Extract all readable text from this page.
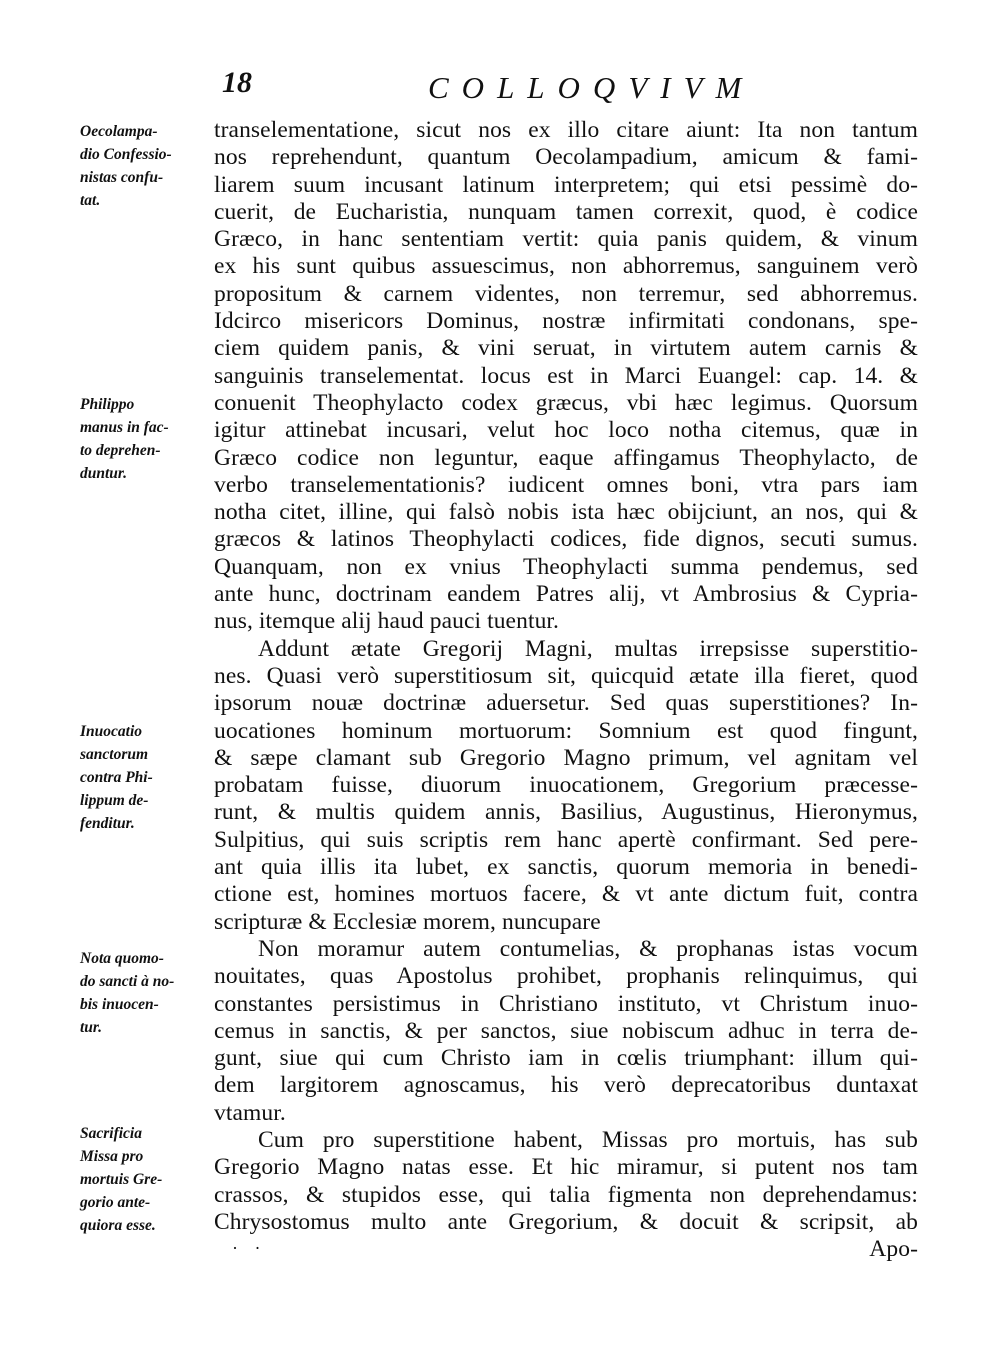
18	COLLOQVIVM
transelementatione, sicut nos ex illo citare aiunt: Ita non tantum
nos reprehendunt, quantum Oecolampadium, amicum & fami-
liarem suum incusant latinum interpretem; qui etsi pessimè do-
cuerit, de Eucharistia, nunquam tamen correxit, quod, è codice
Græco, in hanc sententiam vertit: quia panis quidem, & vinum
ex his sunt quibus assuescimus, non abhorremus, sanguinem verò
propositum & carnem videntes, non terremur, sed abhorremus.
Idcirco misericors Dominus, nostræ infirmitati condonans, spe-
ciem quidem panis, & vini seruat, in virtutem autem carnis &
sanguinis transelementat. locus est in Marci Euangel: cap. 14. &
conuenit Theophylacto codex græcus, vbi hæc legimus. Quorsum
igitur attinebat incusari, velut hoc loco notha citemus, quæ in
Græco codice non leguntur, eaque affingamus Theophylacto, de
verbo transelementationis? iudicent omnes boni, vtra pars iam
notha citet, illine, qui falsò nobis ista hæc obijciunt, an nos, qui &
græcos & latinos Theophylacti codices, fide dignos, secuti sumus.
Quanquam, non ex vnius Theophylacti summa pendemus, sed
ante hunc, doctrinam eandem Patres alij, vt Ambrosius & Cypria-
nus, itemque alij haud pauci tuentur.
Addunt ætate Gregorij Magni, multas irrepsisse superstitio-
nes. Quasi verò superstitiosum sit, quicquid ætate illa fieret, quod
ipsorum nouæ doctrinæ aduersetur. Sed quas superstitiones? In-
uocationes hominum mortuorum: Somnium est quod fingunt,
& sæpe clamant sub Gregorio Magno primum, vel agnitam vel
probatam fuisse, diuorum inuocationem, Gregorium præcesse-
runt, & multis quidem annis, Basilius, Augustinus, Hieronymus,
Sulpitius, qui suis scriptis rem hanc apertè confirmant. Sed pere-
ant quia illis ita lubet, ex sanctis, quorum memoria in benedi-
ctione est, homines mortuos facere, & vt ante dictum fuit, contra
scripturæ & Ecclesiæ morem, nuncupare
Non moramur autem contumelias, & prophanas istas vocum
nouitates, quas Apostolus prohibet, prophanis relinquimus, qui
constantes persistimus in Christiano instituto, vt Christum inuo-
cemus in sanctis, & per sanctos, siue nobiscum adhuc in terra de-
gunt, siue qui cum Christo iam in cœlis triumphant: illum qui-
dem largitorem agnoscamus, his verò deprecatoribus duntaxat
vtamur.
Cum pro superstitione habent, Missas pro mortuis, has sub
Gregorio Magno natas esse. Et hic miramur, si putent nos tam
crassos, & stupidos esse, qui talia figmenta non deprehendamus:
Chrysostomus multo ante Gregorium, & docuit & scripsit, ab
Apo-
Oecolampa-
dio Confessio-
nistas confu-
tat.
Philippo
manus in fac-
to deprehen-
duntur.
Inuocatio
sanctorum
contra Phi-
lippum de-
fenditur.
Nota quomo-
do sancti à no-
bis inuocen-
tur.
Sacrificia
Missa pro
mortuis Gre-
gorio ante-
quiora esse.
· ·
